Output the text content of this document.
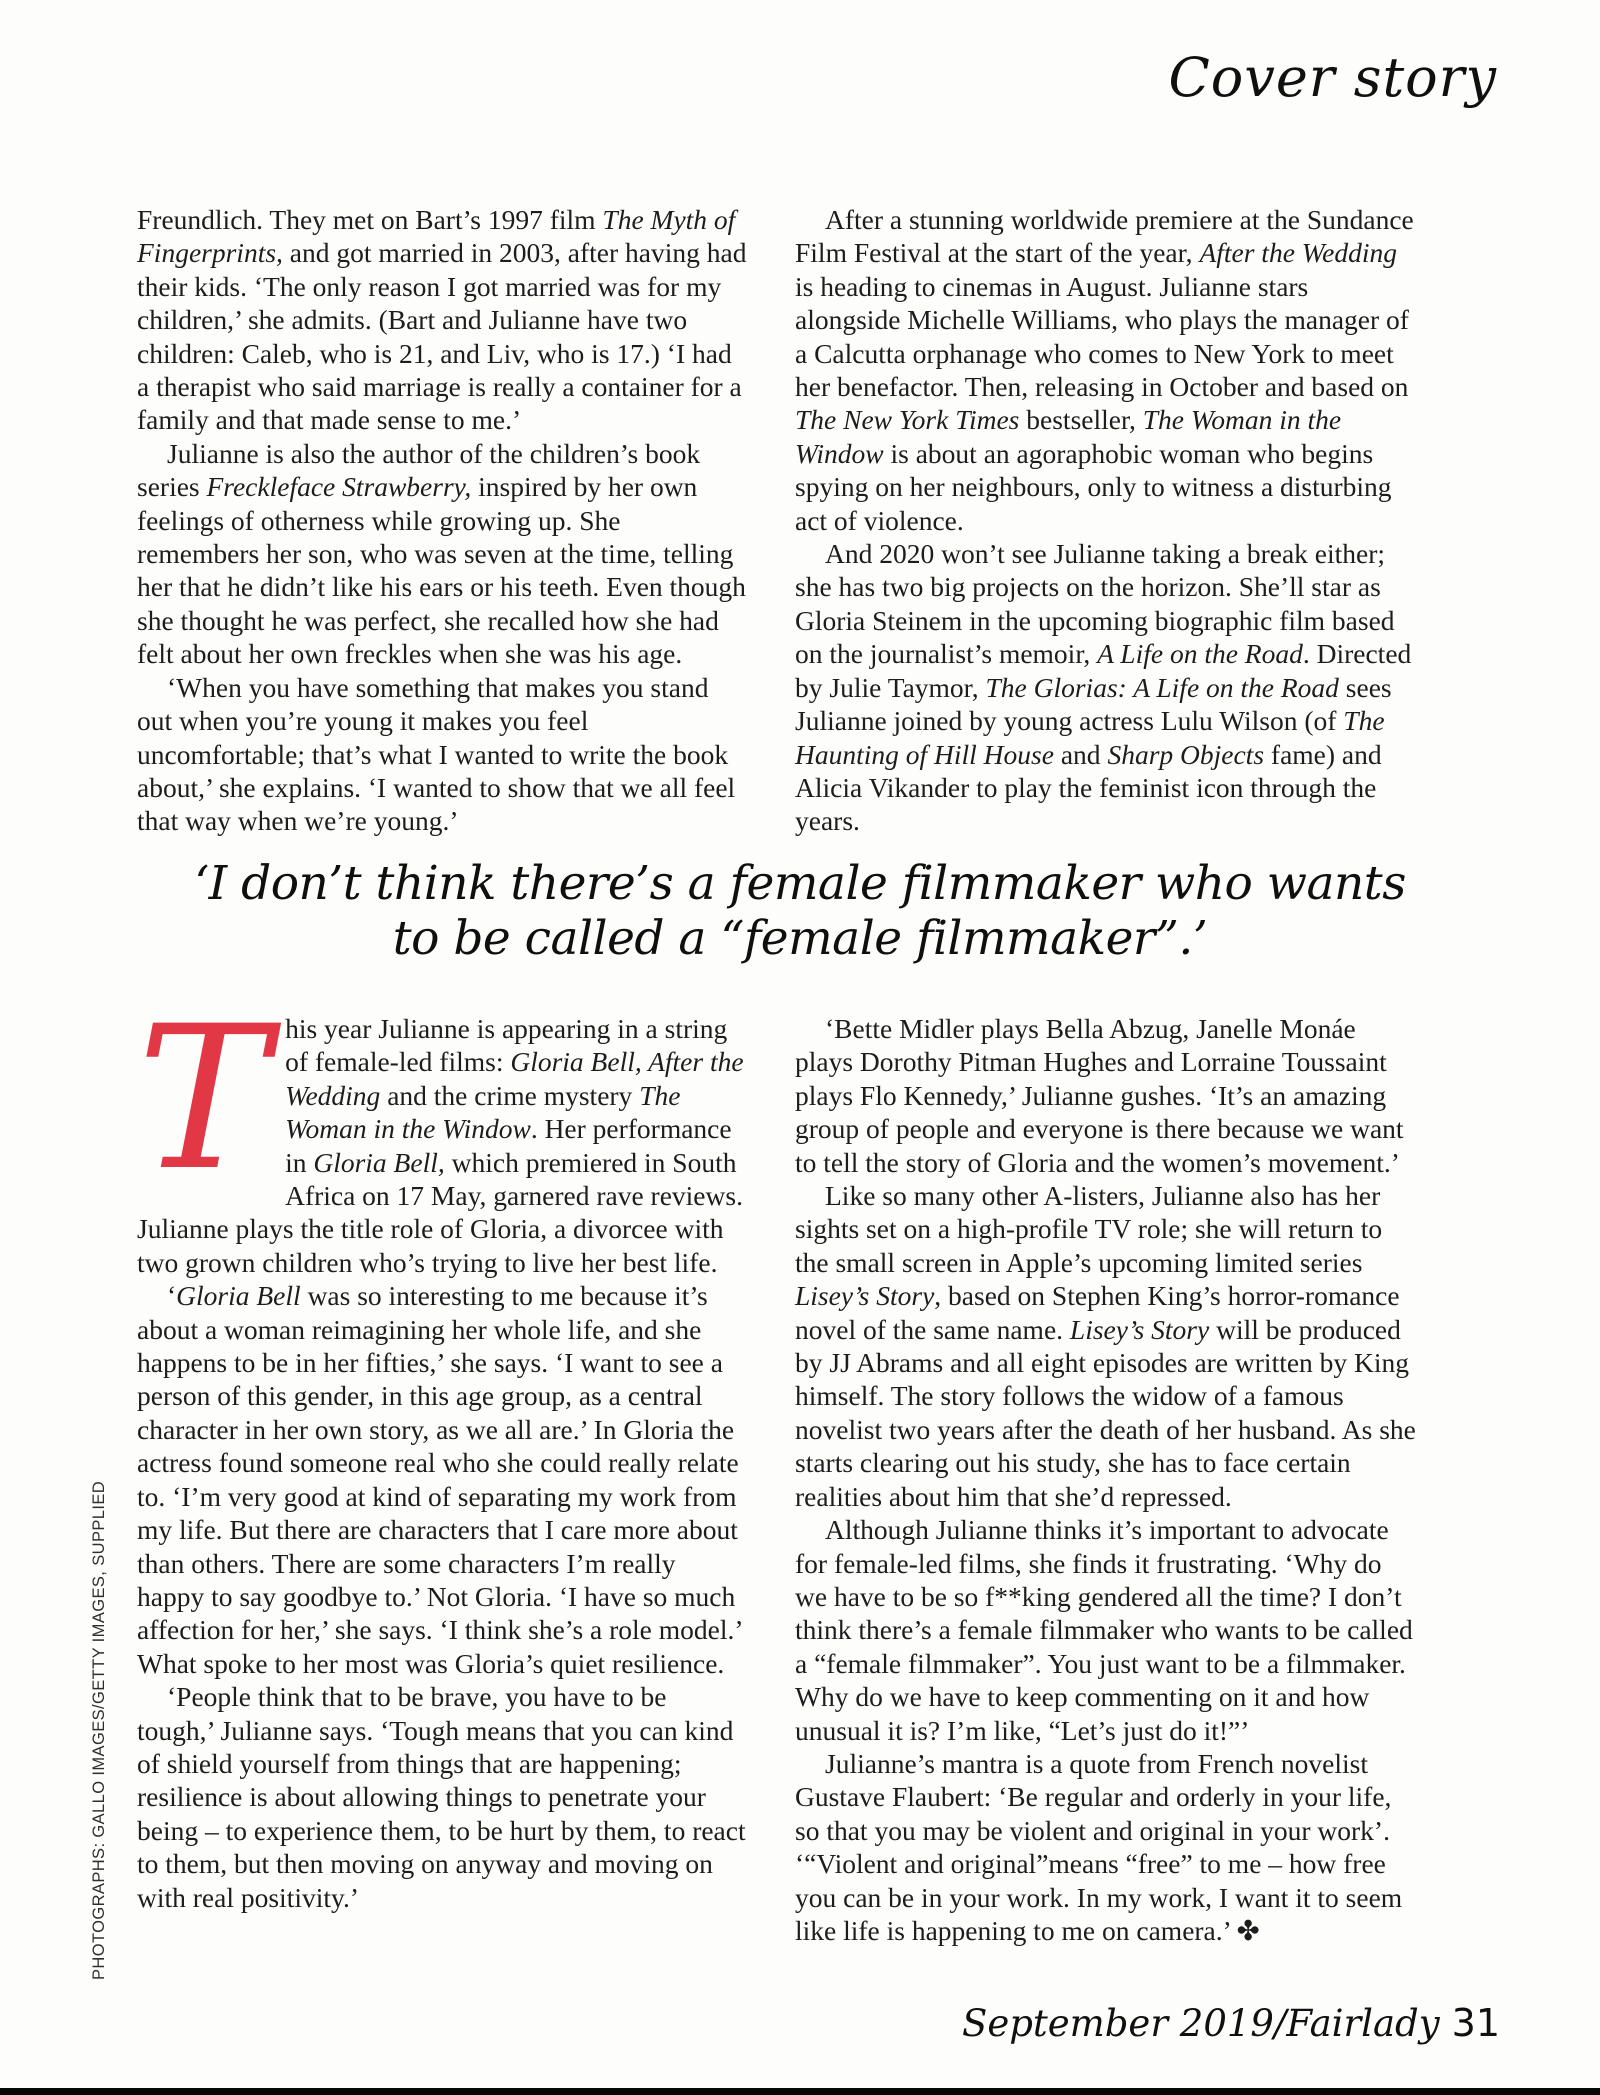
Cover story

Freundlich. They met on Bart’s 1997 film The Myth of Fingerprints, and got married in 2003, after having had their kids. ‘The only reason I got married was for my children,’ she admits. (Bart and Julianne have two children: Caleb, who is 21, and Liv, who is 17.) ‘I had a therapist who said marriage is really a container for a family and that made sense to me.’

Julianne is also the author of the children’s book series Freckleface Strawberry, inspired by her own feelings of otherness while growing up. She remembers her son, who was seven at the time, telling her that he didn’t like his ears or his teeth. Even though she thought he was perfect, she recalled how she had felt about her own freckles when she was his age.

‘When you have something that makes you stand out when you’re young it makes you feel uncomfortable; that’s what I wanted to write the book about,’ she explains. ‘I wanted to show that we all feel that way when we’re young.’

After a stunning worldwide premiere at the Sundance Film Festival at the start of the year, After the Wedding is heading to cinemas in August. Julianne stars alongside Michelle Williams, who plays the manager of a Calcutta orphanage who comes to New York to meet her benefactor. Then, releasing in October and based on The New York Times bestseller, The Woman in the Window is about an agoraphobic woman who begins spying on her neighbours, only to witness a disturbing act of violence.

And 2020 won’t see Julianne taking a break either; she has two big projects on the horizon. She’ll star as Gloria Steinem in the upcoming biographic film based on the journalist’s memoir, A Life on the Road. Directed by Julie Taymor, The Glorias: A Life on the Road sees Julianne joined by young actress Lulu Wilson (of The Haunting of Hill House and Sharp Objects fame) and Alicia Vikander to play the feminist icon through the years.

‘I don’t think there’s a female filmmaker who wants
to be called a “female filmmaker”.’

This year Julianne is appearing in a string of female-led films: Gloria Bell, After the Wedding and the crime mystery The Woman in the Window. Her performance in Gloria Bell, which premiered in South Africa on 17 May, garnered rave reviews. Julianne plays the title role of Gloria, a divorcee with two grown children who’s trying to live her best life.

‘Gloria Bell was so interesting to me because it’s about a woman reimagining her whole life, and she happens to be in her fifties,’ she says. ‘I want to see a person of this gender, in this age group, as a central character in her own story, as we all are.’ In Gloria the actress found someone real who she could really relate to. ‘I’m very good at kind of separating my work from my life. But there are characters that I care more about than others. There are some characters I’m really happy to say goodbye to.’ Not Gloria. ‘I have so much affection for her,’ she says. ‘I think she’s a role model.’ What spoke to her most was Gloria’s quiet resilience.

‘People think that to be brave, you have to be tough,’ Julianne says. ‘Tough means that you can kind of shield yourself from things that are happening; resilience is about allowing things to penetrate your being – to experience them, to be hurt by them, to react to them, but then moving on anyway and moving on with real positivity.’

‘Bette Midler plays Bella Abzug, Janelle Monáe plays Dorothy Pitman Hughes and Lorraine Toussaint plays Flo Kennedy,’ Julianne gushes. ‘It’s an amazing group of people and everyone is there because we want to tell the story of Gloria and the women’s movement.’

Like so many other A-listers, Julianne also has her sights set on a high-profile TV role; she will return to the small screen in Apple’s upcoming limited series Lisey’s Story, based on Stephen King’s horror-romance novel of the same name. Lisey’s Story will be produced by JJ Abrams and all eight episodes are written by King himself. The story follows the widow of a famous novelist two years after the death of her husband. As she starts clearing out his study, she has to face certain realities about him that she’d repressed.

Although Julianne thinks it’s important to advocate for female-led films, she finds it frustrating. ‘Why do we have to be so f**king gendered all the time? I don’t think there’s a female filmmaker who wants to be called a “female filmmaker”. You just want to be a filmmaker. Why do we have to keep commenting on it and how unusual it is? I’m like, “Let’s just do it!”’

Julianne’s mantra is a quote from French novelist Gustave Flaubert: ‘Be regular and orderly in your life, so that you may be violent and original in your work’. ‘“Violent and original”means “free” to me – how free you can be in your work. In my work, I want it to seem like life is happening to me on camera.’ ✤

PHOTOGRAPHS: GALLO IMAGES/GETTY IMAGES, SUPPLIED
September 2019/Fairlady 31
